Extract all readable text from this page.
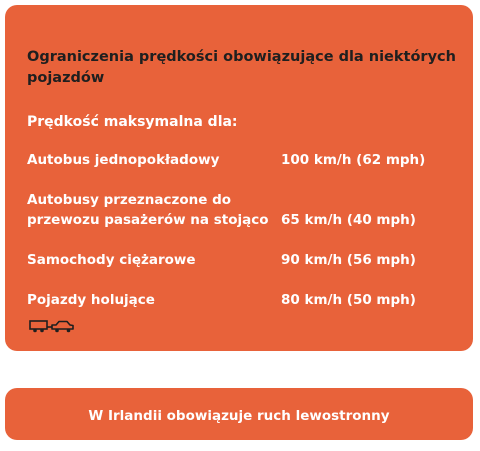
Ograniczenia prędkości obowiązujące dla niektórych pojazdów

Prędkość maksymalna dla:

Autobus jednopokładowy	100 km/h (62 mph)
Autobusy przeznaczone do
przewozu pasażerów na stojąco 65 km/h (40 mph)
Samochody ciężarowe	90 km/h (56 mph)
Pojazdy holujące	80 km/h (50 mph)
W Irlandii obowiązuje ruch lewostronny
